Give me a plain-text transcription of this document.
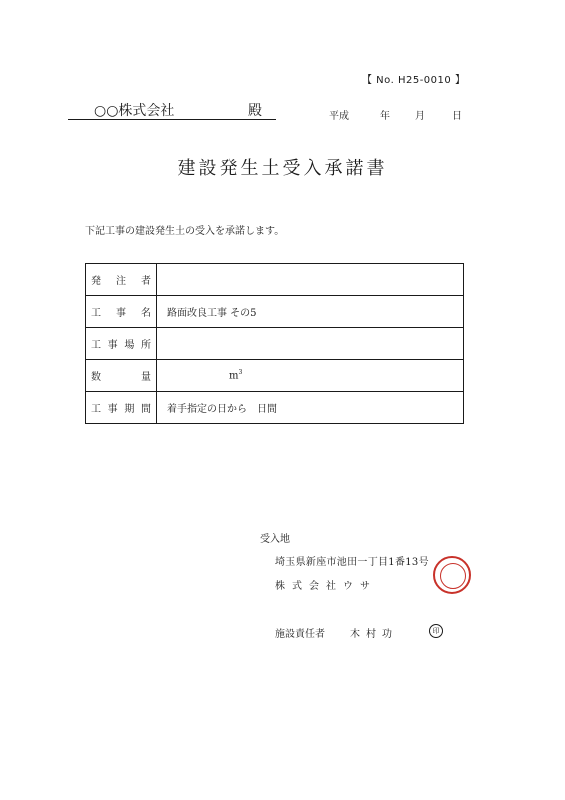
【 No. H25-0010 】
○○株式会社	殿	平成	年	月	日
建設発生土受入承諾書
下記工事の建設発生土の受入を承諾します。
発注者	
工事名	路面改良工事 その5
工事場所	
数量	$m^3$

工事期間	着手指定の日から　日間
受入地
埼玉県新座市池田一丁目1番13号
株式会社ウサ
施設責任者	木村功	印
